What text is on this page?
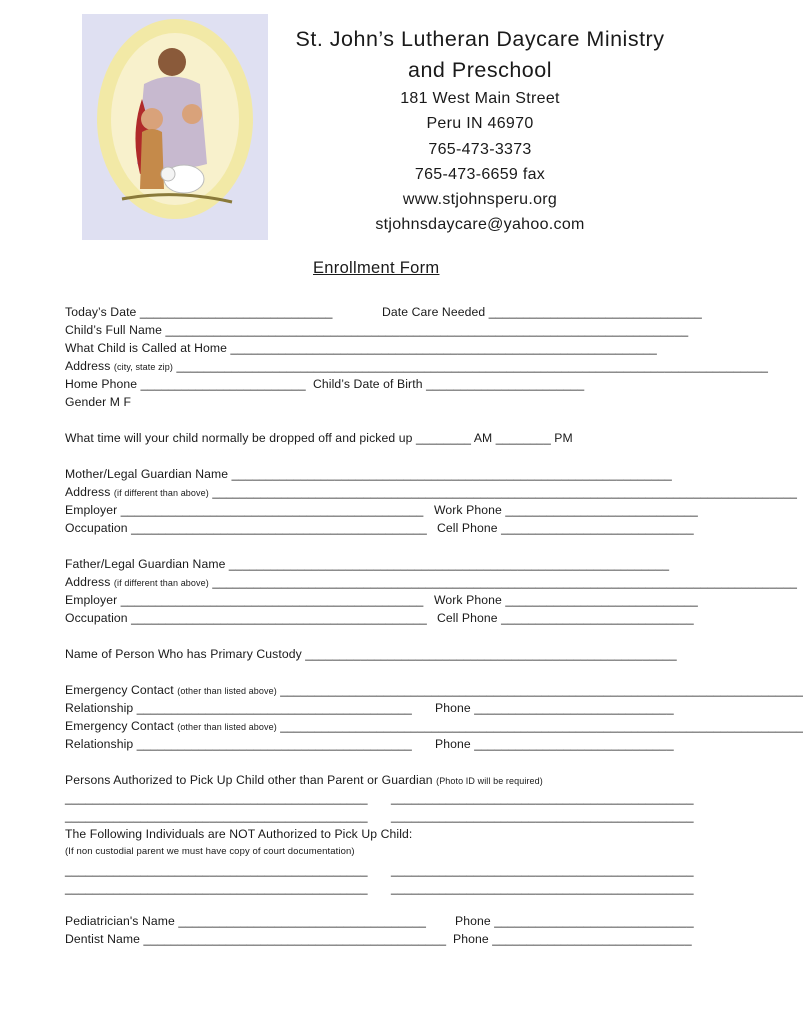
St. John’s Lutheran Daycare Ministry
and Preschool
181 West Main Street
Peru IN 46970
765-473-3373
765-473-6659 fax
www.stjohnsperu.org
stjohnsdaycare@yahoo.com
Enrollment Form
Today’s Date ____________________________	Date Care Needed _______________________________
Child’s Full Name ____________________________________________________________________________
What Child is Called at Home ______________________________________________________________
Address (city, state zip) ______________________________________________________________________________________
Home Phone ________________________ Child’s Date of Birth _______________________
Gender M F
What time will your child normally be dropped off and picked up ________ AM ________ PM
Mother/Legal Guardian Name ________________________________________________________________
Address (if different than above) _____________________________________________________________________________________
Employer ____________________________________________ Work Phone ____________________________
Occupation ___________________________________________ Cell Phone ____________________________
Father/Legal Guardian Name ________________________________________________________________
Address (if different than above) _____________________________________________________________________________________
Employer ____________________________________________ Work Phone ____________________________
Occupation ___________________________________________ Cell Phone ____________________________
Name of Person Who has Primary Custody ______________________________________________________
Emergency Contact (other than listed above) ____________________________________________________________________________
Relationship ________________________________________ Phone _____________________________
Emergency Contact (other than listed above) ____________________________________________________________________________
Relationship ________________________________________ Phone _____________________________
Persons Authorized to Pick Up Child other than Parent or Guardian (Photo ID will be required)
____________________________________________ ____________________________________________
____________________________________________ ____________________________________________
The Following Individuals are NOT Authorized to Pick Up Child:
(If non custodial parent we must have copy of court documentation)
____________________________________________ ____________________________________________
____________________________________________ ____________________________________________
Pediatrician's Name ____________________________________ Phone _____________________________
Dentist Name ____________________________________________ Phone _____________________________
